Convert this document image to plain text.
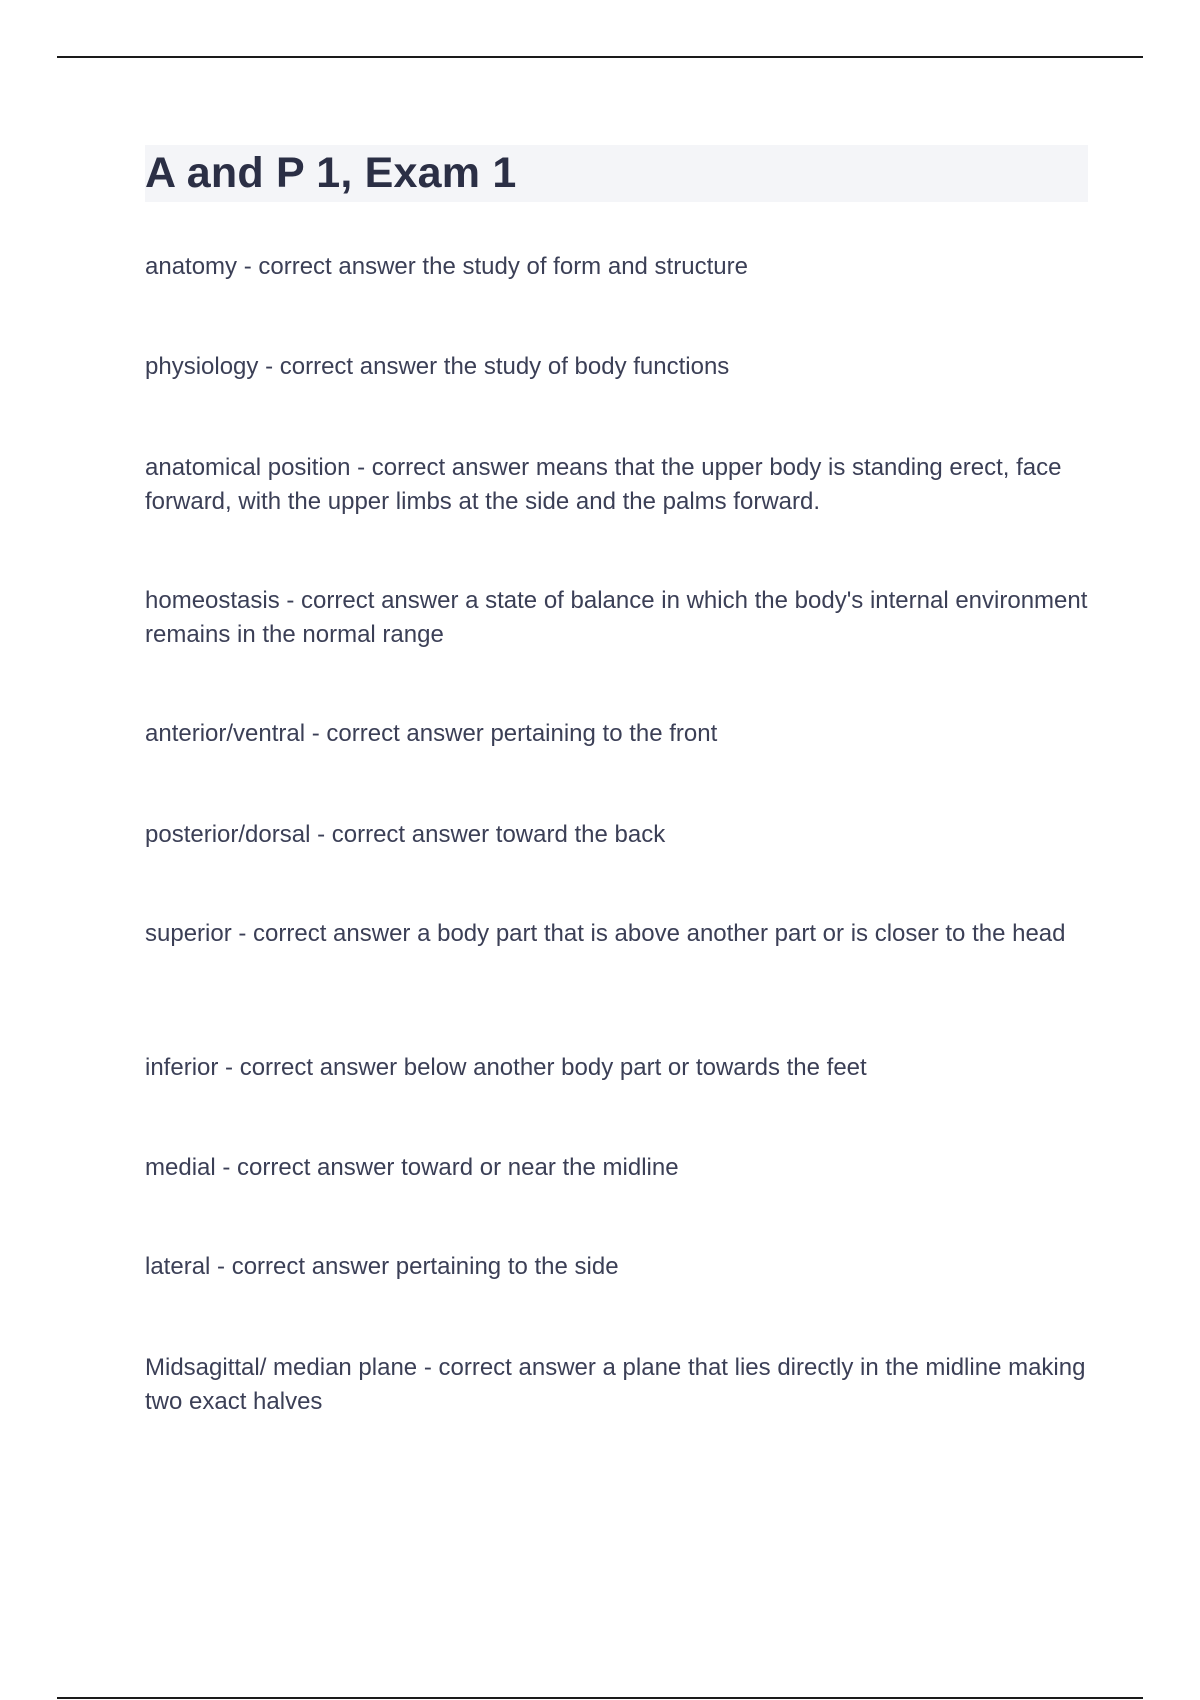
A and P 1, Exam 1

anatomy - correct answer the study of form and structure

physiology - correct answer the study of body functions

anatomical position - correct answer means that the upper body is standing erect, face forward, with the upper limbs at the side and the palms forward.

homeostasis - correct answer a state of balance in which the body's internal environment remains in the normal range

anterior/ventral - correct answer pertaining to the front

posterior/dorsal - correct answer toward the back

superior - correct answer a body part that is above another part or is closer to the head

inferior - correct answer below another body part or towards the feet

medial - correct answer toward or near the midline

lateral - correct answer pertaining to the side

Midsagittal/ median plane - correct answer a plane that lies directly in the midline making two exact halves
